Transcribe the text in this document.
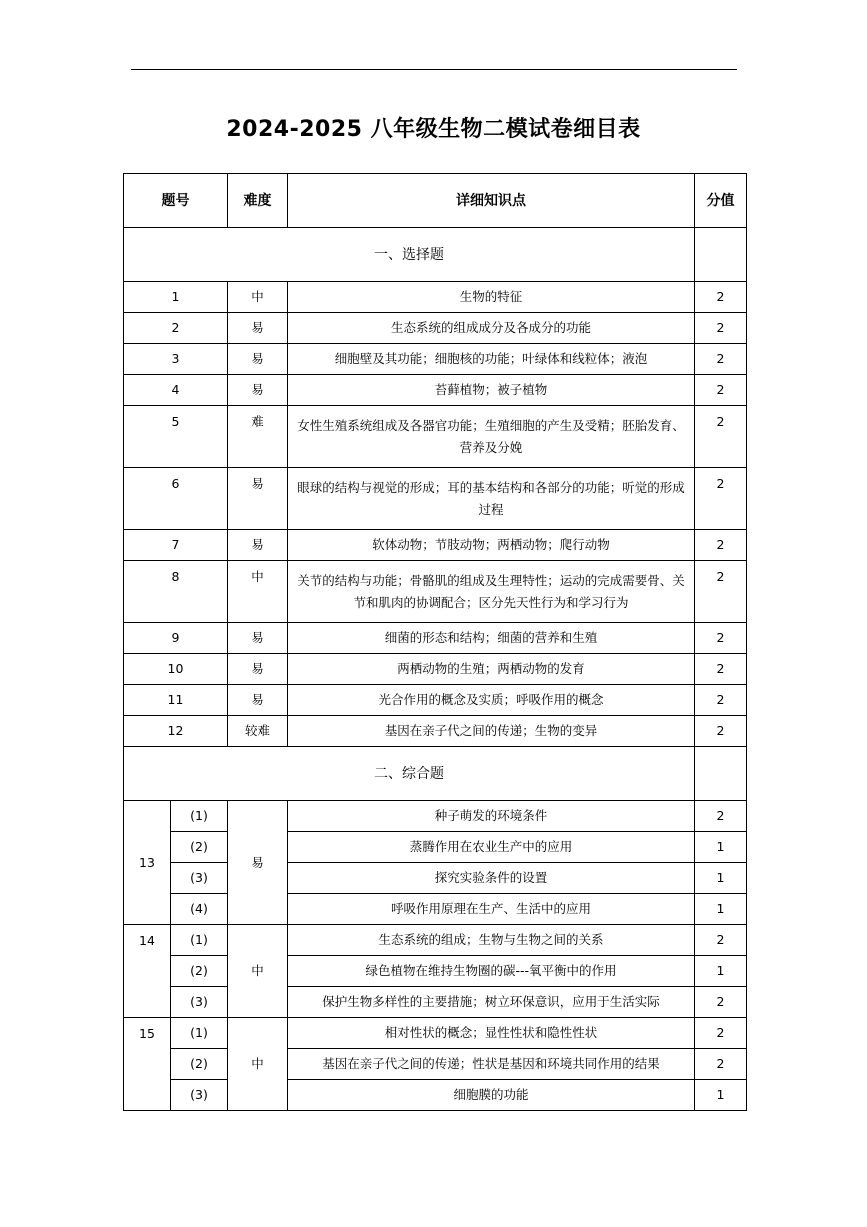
2024-2025 八年级生物二模试卷细目表
题号		难度	详细知识点	分值
一、选择题				
1		中	生物的特征	2
2		易	生态系统的组成成分及各成分的功能	2
3		易	细胞壁及其功能；细胞核的功能；叶绿体和线粒体；液泡	2
4		易	苔藓植物；被子植物	2
5		难	女性生殖系统组成及各器官功能；生殖细胞的产生及受精；胚胎发育、营养及分娩	2
6		易	眼球的结构与视觉的形成；耳的基本结构和各部分的功能；听觉的形成过程	2
7		易	软体动物；节肢动物；两栖动物；爬行动物	2
8		中	关节的结构与功能；骨骼肌的组成及生理特性；运动的完成需要骨、关节和肌肉的协调配合；区分先天性行为和学习行为	2
9		易	细菌的形态和结构；细菌的营养和生殖	2
10		易	两栖动物的生殖；两栖动物的发育	2
11		易	光合作用的概念及实质；呼吸作用的概念	2
12		较难	基因在亲子代之间的传递；生物的变异	2
二、综合题				
13	(1)	易	种子萌发的环境条件	2
	(2)		蒸腾作用在农业生产中的应用	1
	(3)		探究实验条件的设置	1
	(4)		呼吸作用原理在生产、生活中的应用	1
14	(1)	中	生态系统的组成；生物与生物之间的关系	2
	(2)		绿色植物在维持生物圈的碳---氧平衡中的作用	1
	(3)		保护生物多样性的主要措施；树立环保意识，应用于生活实际	2
15	(1)	中	相对性状的概念；显性性状和隐性性状	2
	(2)		基因在亲子代之间的传递；性状是基因和环境共同作用的结果	2
	(3)		细胞膜的功能	1
